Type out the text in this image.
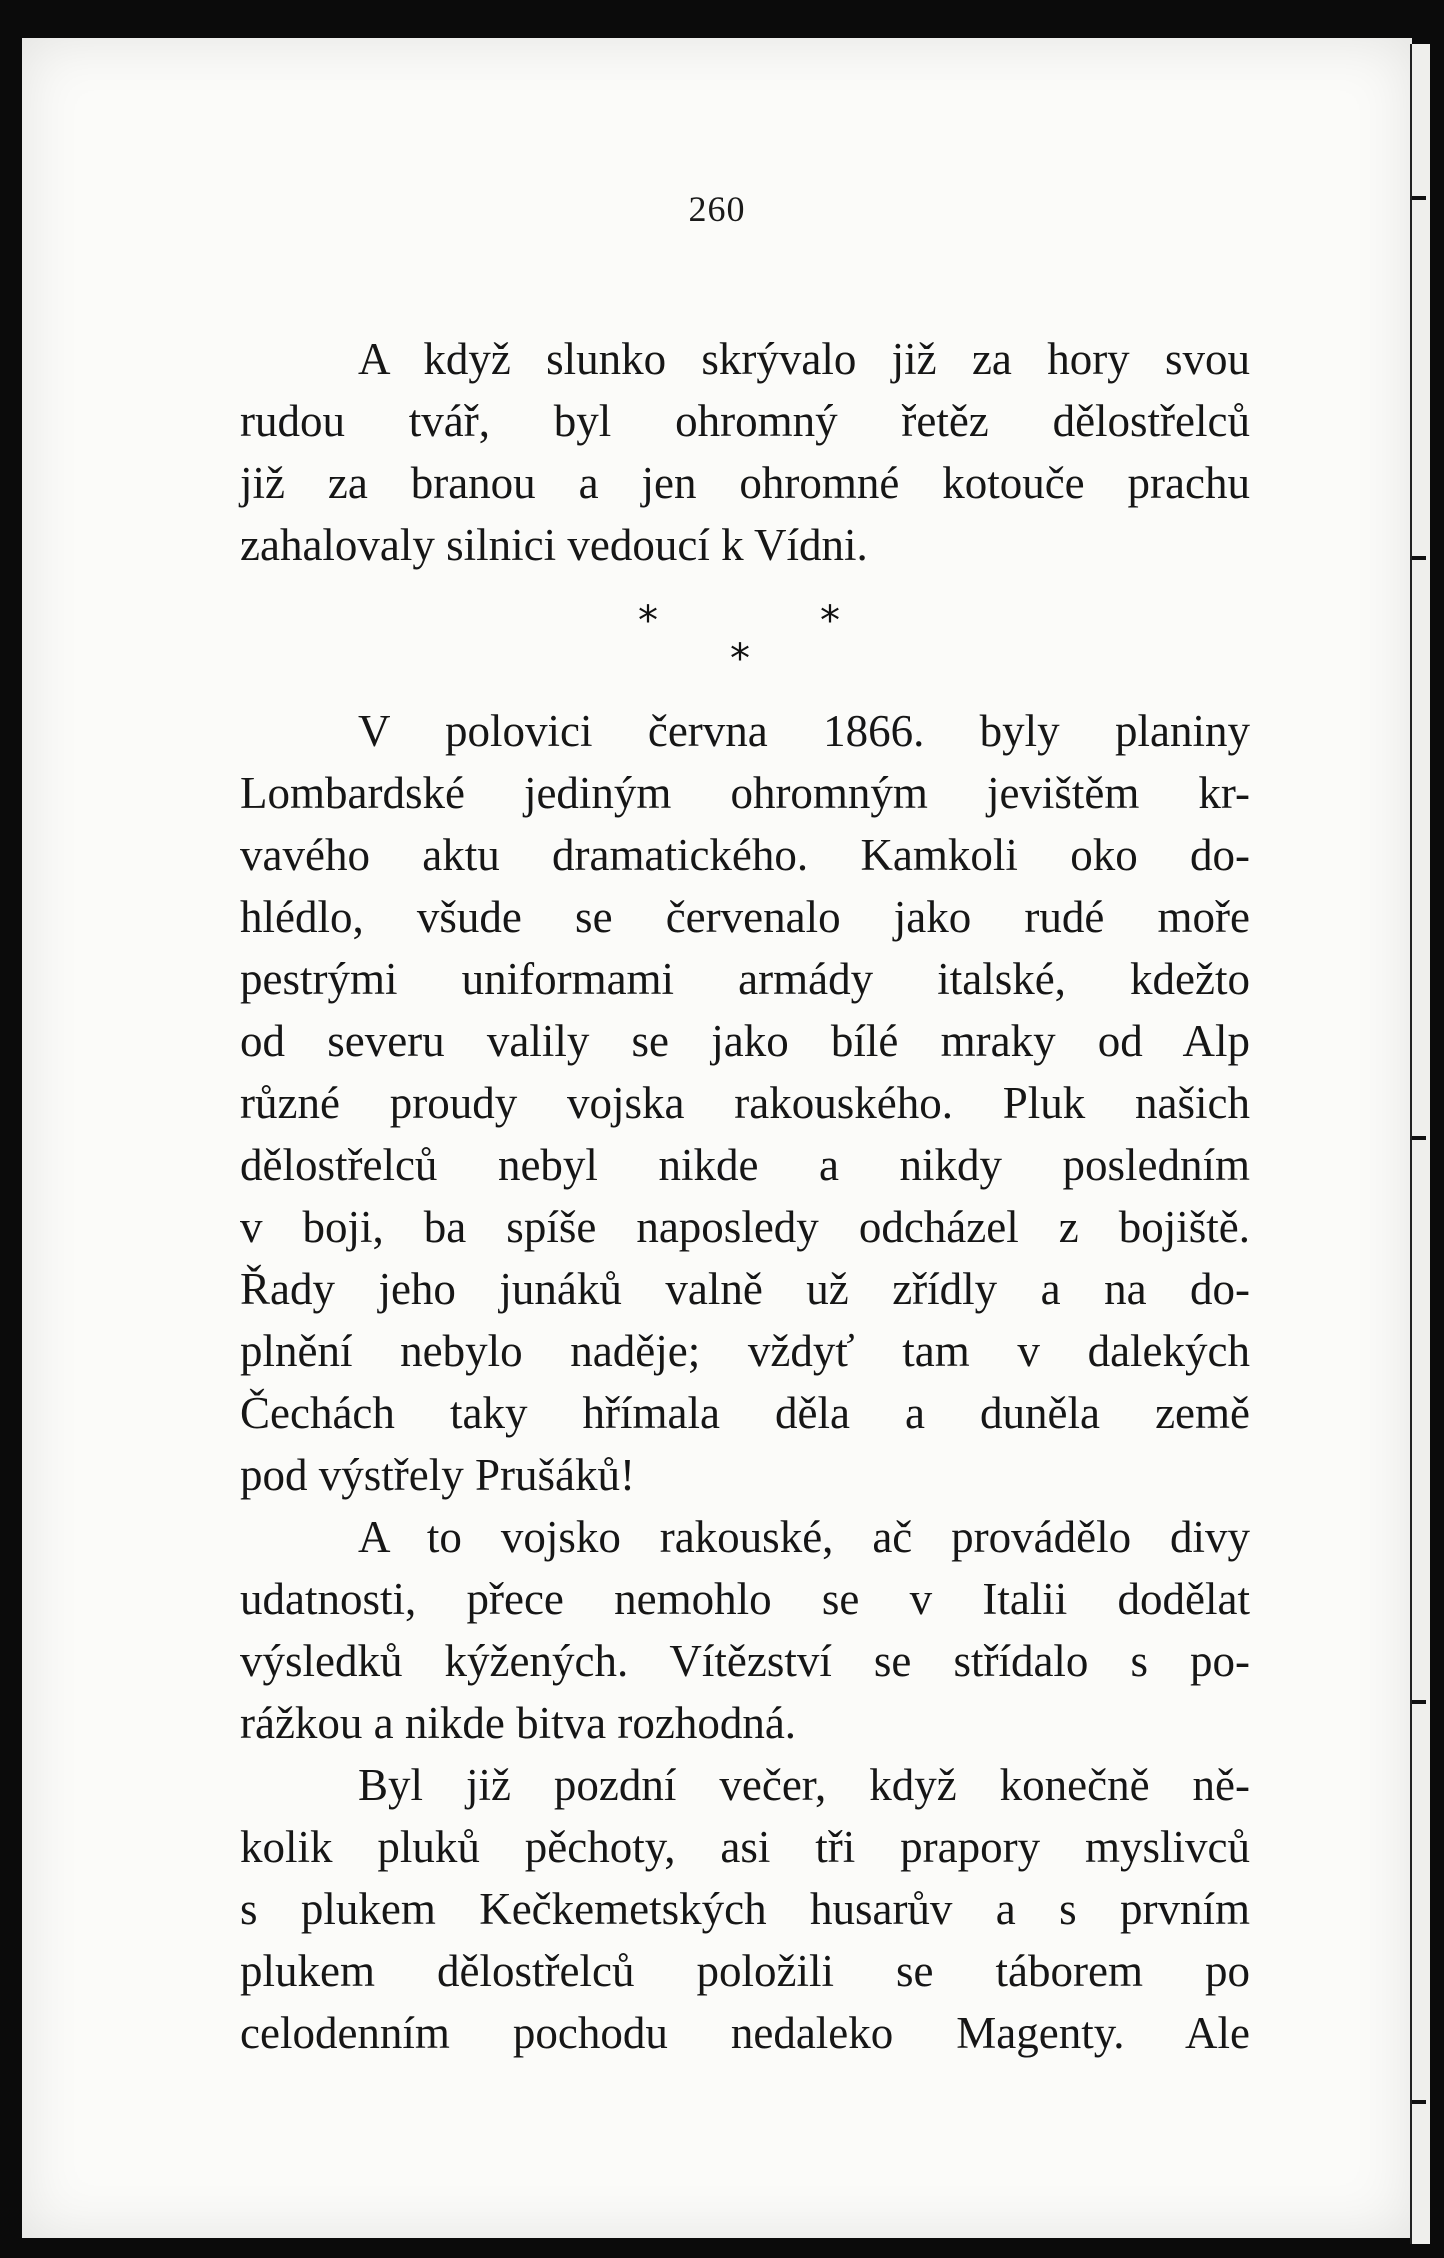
260
A když slunko skrývalo již za hory svou
rudou tvář, byl ohromný řetěz dělostřelců
již za branou a jen ohromné kotouče prachu
zahalovaly silnici vedoucí k Vídni.
*	*
*
V polovici června 1866. byly planiny
Lombardské jediným ohromným jevištěm kr-
vavého aktu dramatického. Kamkoli oko do-
hlédlo, všude se červenalo jako rudé moře
pestrými uniformami armády italské, kdežto
od severu valily se jako bílé mraky od Alp
různé proudy vojska rakouského. Pluk našich
dělostřelců nebyl nikde a nikdy posledním
v boji, ba spíše naposledy odcházel z bojiště.
Řady jeho junáků valně už zřídly a na do-
plnění nebylo naděje; vždyť tam v dalekých
Čechách taky hřímala děla a duněla země
pod výstřely Prušáků!
A to vojsko rakouské, ač provádělo divy
udatnosti, přece nemohlo se v Italii dodělat
výsledků kýžených. Vítězství se střídalo s po-
rážkou a nikde bitva rozhodná.
Byl již pozdní večer, když konečně ně-
kolik pluků pěchoty, asi tři prapory myslivců
s plukem Kečkemetských husarův a s prvním
plukem dělostřelců položili se táborem po
celodenním pochodu nedaleko Magenty. Ale
